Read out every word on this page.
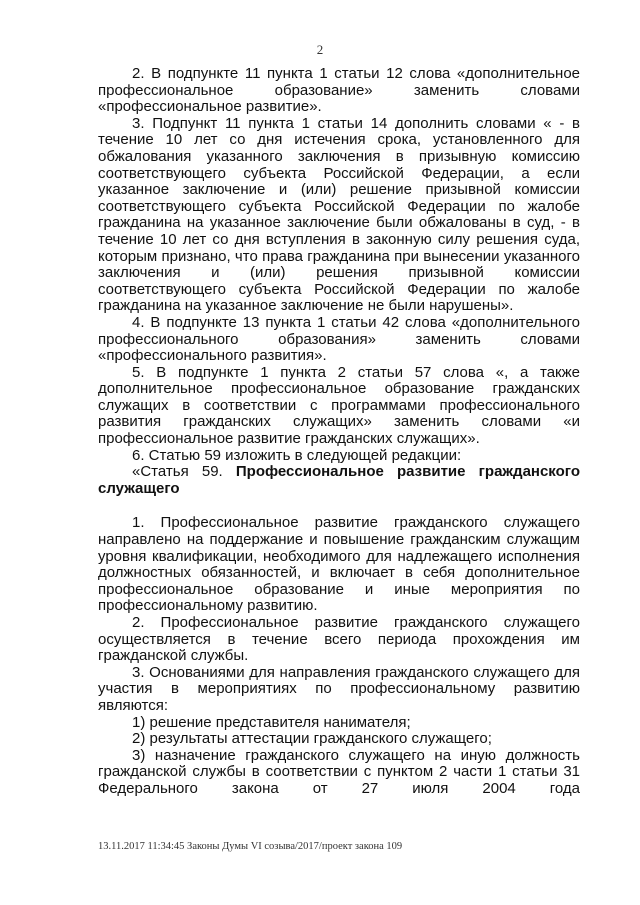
2

2. В подпункте 11 пункта 1 статьи 12 слова «дополнительное профессиональное образование» заменить словами «профессиональное развитие».

3. Подпункт 11 пункта 1 статьи 14 дополнить словами « - в течение 10 лет со дня истечения срока, установленного для обжалования указанного заключения в призывную комиссию соответствующего субъекта Российской Федерации, а если указанное заключение и (или) решение призывной комиссии соответствующего субъекта Российской Федерации по жалобе гражданина на указанное заключение были обжалованы в суд, - в течение 10 лет со дня вступления в законную силу решения суда, которым признано, что права гражданина при вынесении указанного заключения и (или) решения призывной комиссии соответствующего субъекта Российской Федерации по жалобе гражданина на указанное заключение не были нарушены».

4. В подпункте 13 пункта 1 статьи 42 слова «дополнительного профессионального образования» заменить словами «профессионального развития».

5. В подпункте 1 пункта 2 статьи 57 слова «, а также дополнительное профессиональное образование гражданских служащих в соответствии с программами профессионального развития гражданских служащих» заменить словами «и профессиональное развитие гражданских служащих».

6. Статью 59 изложить в следующей редакции:

«Статья 59. Профессиональное развитие гражданского служащего

1. Профессиональное развитие гражданского служащего направлено на поддержание и повышение гражданским служащим уровня квалификации, необходимого для надлежащего исполнения должностных обязанностей, и включает в себя дополнительное профессиональное образование и иные мероприятия по профессиональному развитию.

2. Профессиональное развитие гражданского служащего осуществляется в течение всего периода прохождения им гражданской службы.

3. Основаниями для направления гражданского служащего для участия в мероприятиях по профессиональному развитию являются:

1) решение представителя нанимателя;

2) результаты аттестации гражданского служащего;

3) назначение гражданского служащего на иную должность гражданской службы в соответствии с пунктом 2 части 1 статьи 31 Федерального закона от 27 июля 2004 года

13.11.2017 11:34:45 Законы Думы VI созыва/2017/проект закона 109
